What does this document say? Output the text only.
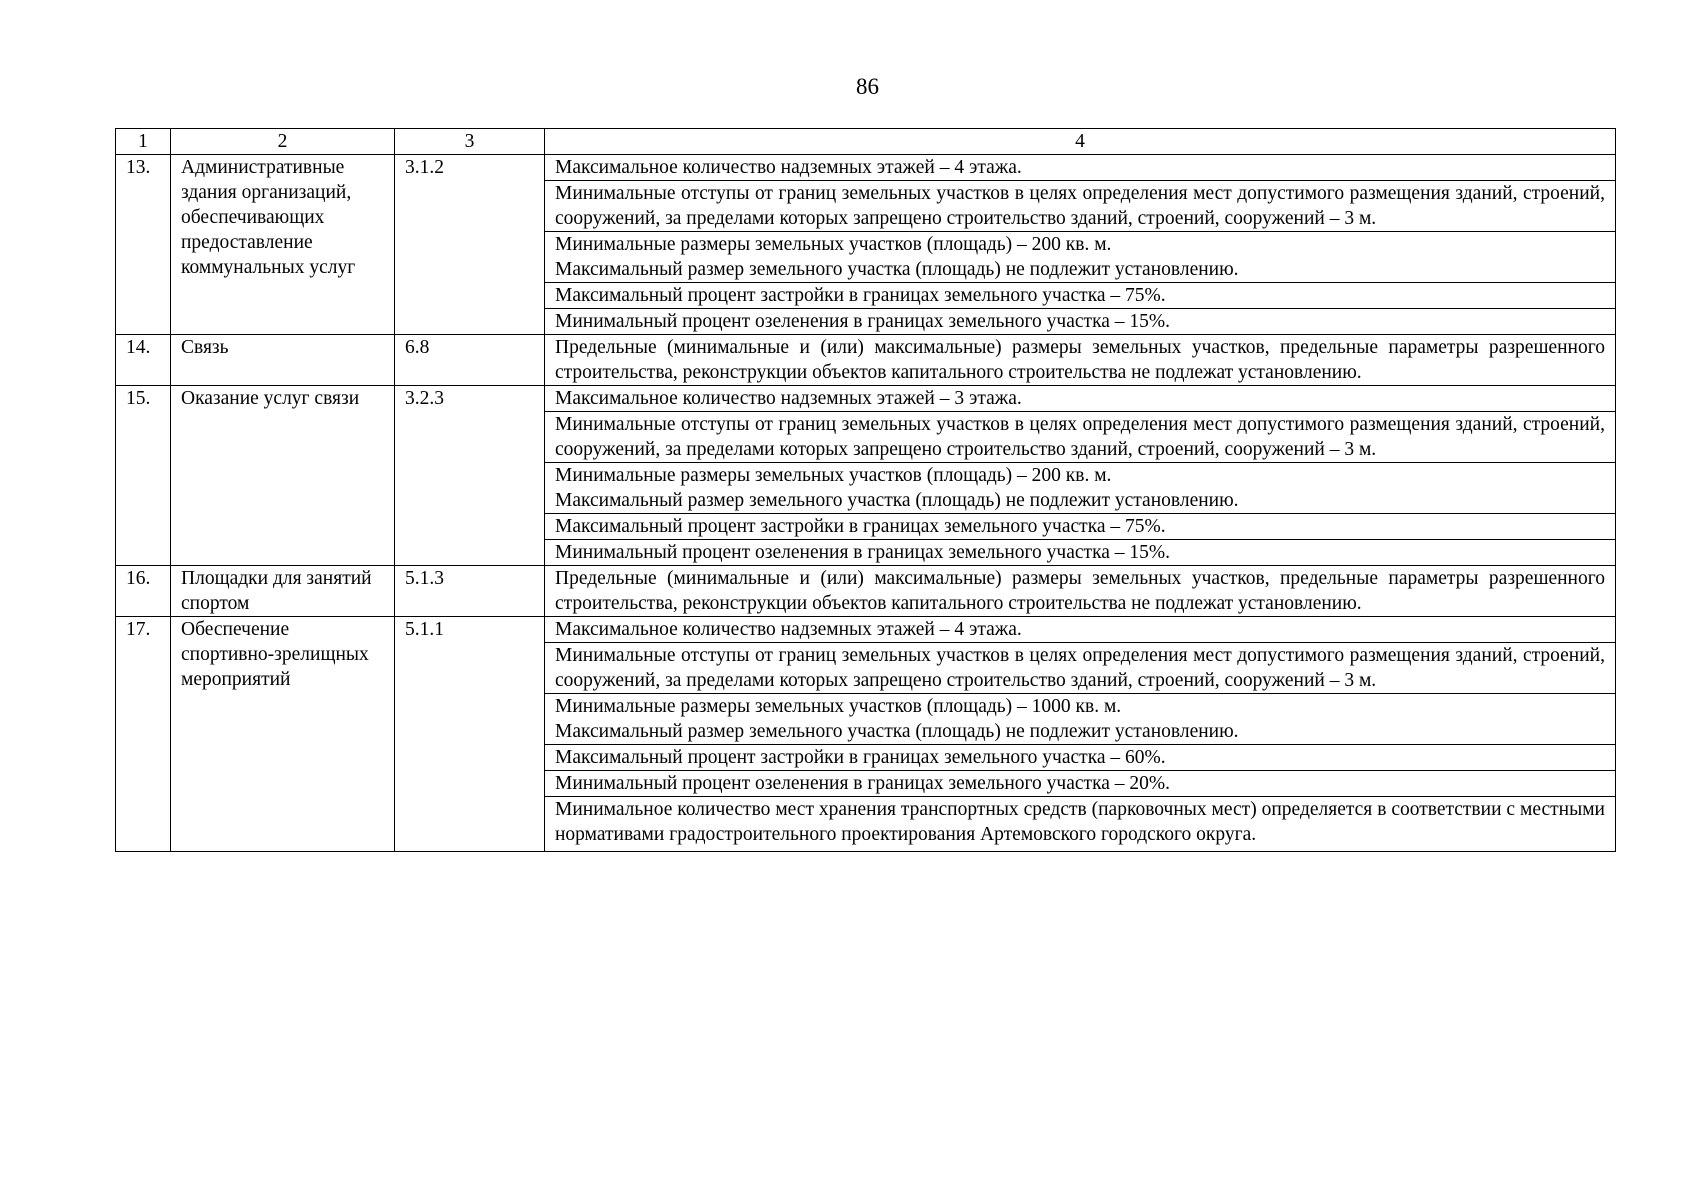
86
1	2	3	4
13.	Административные здания организаций, обеспечивающих предоставление коммунальных услуг	3.1.2	Максимальное количество надземных этажей – 4 этажа.

			Минимальные отступы от границ земельных участков в целях определения мест допустимого размещения зданий, строений, сооружений, за пределами которых запрещено строительство зданий, строений, сооружений – 3 м.

			Минимальные размеры земельных участков (площадь) – 200 кв. м.
Максимальный размер земельного участка (площадь) не подлежит установлению.

			Максимальный процент застройки в границах земельного участка – 75%.

			Минимальный процент озеленения в границах земельного участка – 15%.

14.	Связь	6.8	Предельные (минимальные и (или) максимальные) размеры земельных участков, предельные параметры разрешенного строительства, реконструкции объектов капитального строительства не подлежат установлению.

15.	Оказание услуг связи	3.2.3	Максимальное количество надземных этажей – 3 этажа.

			Минимальные отступы от границ земельных участков в целях определения мест допустимого размещения зданий, строений, сооружений, за пределами которых запрещено строительство зданий, строений, сооружений – 3 м.

			Минимальные размеры земельных участков (площадь) – 200 кв. м.
Максимальный размер земельного участка (площадь) не подлежит установлению.

			Максимальный процент застройки в границах земельного участка – 75%.

			Минимальный процент озеленения в границах земельного участка – 15%.

16.	Площадки для занятий спортом	5.1.3	Предельные (минимальные и (или) максимальные) размеры земельных участков, предельные параметры разрешенного строительства, реконструкции объектов капитального строительства не подлежат установлению.

17.	Обеспечение спортивно-зрелищных мероприятий	5.1.1	Максимальное количество надземных этажей – 4 этажа.

			Минимальные отступы от границ земельных участков в целях определения мест допустимого размещения зданий, строений, сооружений, за пределами которых запрещено строительство зданий, строений, сооружений – 3 м.

			Минимальные размеры земельных участков (площадь) – 1000 кв. м.
Максимальный размер земельного участка (площадь) не подлежит установлению.

			Максимальный процент застройки в границах земельного участка – 60%.

			Минимальный процент озеленения в границах земельного участка – 20%.

			Минимальное количество мест хранения транспортных средств (парковочных мест) определяется в соответствии с местными нормативами градостроительного проектирования Артемовского городского округа.
